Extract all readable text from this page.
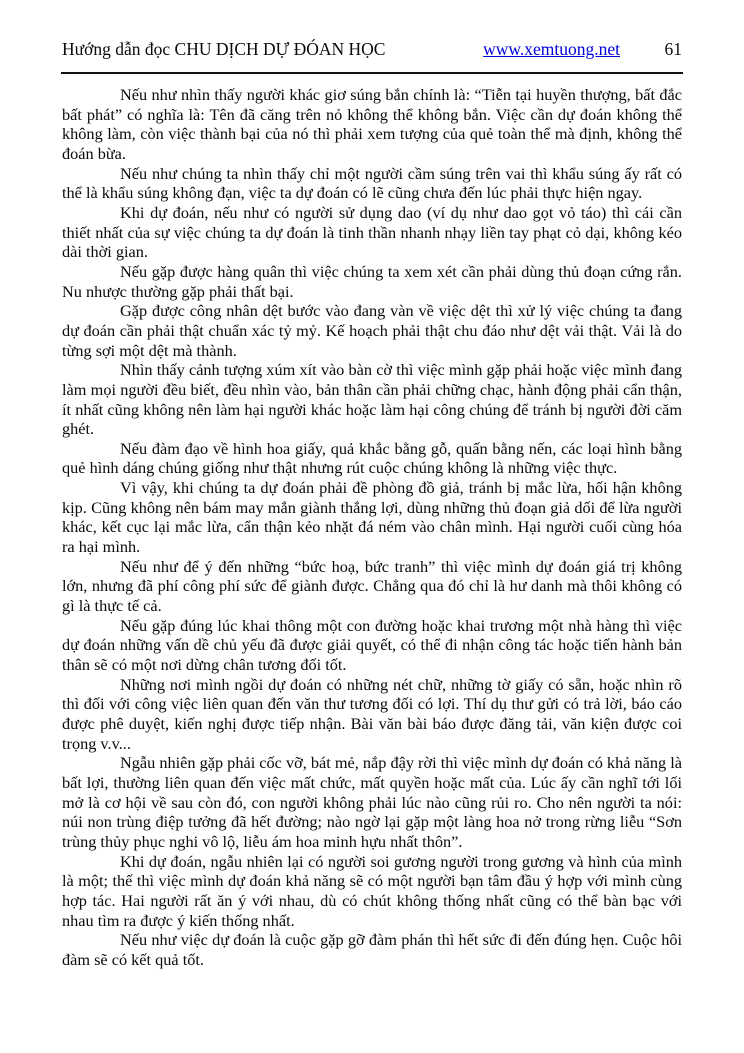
Hướng dẫn đọc CHU DỊCH DỰ ĐÓAN HỌC	www.xemtuong.net	61

Nếu như nhìn thấy người khác giơ súng bắn chính là: “Tiễn tại huyền thượng, bất đắc bất phát” có nghĩa là: Tên đã căng trên nỏ không thể không bắn. Việc cần dự đoán không thể không làm, còn việc thành bại của nó thì phải xem tượng của quẻ toàn thể mà định, không thể đoán bừa.

Nếu như chúng ta nhìn thấy chỉ một người cầm súng trên vai thì khẩu súng ấy rất có thể là khẩu súng không đạn, việc ta dự đoán có lẽ cũng chưa đến lúc phải thực hiện ngay.

Khi dự đoán, nếu như có người sử dụng dao (ví dụ như dao gọt vỏ táo) thì cái cần thiết nhất của sự việc chúng ta dự đoán là tinh thần nhanh nhạy liền tay phạt cỏ dại, không kéo dài thời gian.

Nếu gặp được hàng quân thì việc chúng ta xem xét cần phải dùng thủ đoạn cứng rắn. Nu nhược thường gặp phải thất bại.

Gặp được công nhân dệt bước vào đang vàn về việc dệt thì xử lý việc chúng ta đang dự đoán cần phải thật chuẩn xác tỷ mỷ. Kế hoạch phải thật chu đáo như dệt vải thật. Vải là do từng sợi một dệt mà thành.

Nhìn thấy cảnh tượng xúm xít vào bàn cờ thì việc mình gặp phải hoặc việc mình đang làm mọi người đều biết, đều nhìn vào, bản thân cần phải chững chạc, hành động phải cẩn thận, ít nhất cũng không nên làm hại người khác hoặc làm hại công chúng để tránh bị người đời căm ghét.

Nếu đàm đạo về hình hoa giấy, quả khắc bằng gỗ, quấn bằng nến, các loại hình bằng quẻ hình dáng chúng giống như thật nhưng rút cuộc chúng không là những việc thực.

Vì vậy, khi chúng ta dự đoán phải đề phòng đồ giả, tránh bị mắc lừa, hối hận không kịp. Cũng không nên bám may mắn giành thắng lợi, dùng những thủ đoạn giả dối để lừa người khác, kết cục lại mắc lừa, cẩn thận kẻo nhặt đá ném vào chân mình. Hại người cuối cùng hóa ra hại mình.

Nếu như để ý đến những “bức hoạ, bức tranh” thì việc mình dự đoán giá trị không lớn, nhưng đã phí công phí sức để giành được. Chẳng qua đó chỉ là hư danh mà thôi không có gì là thực tế cả.

Nếu gặp đúng lúc khai thông một con đường hoặc khai trương một nhà hàng thì việc dự đoán những vấn dề chủ yếu đã được giải quyết, có thể đi nhận công tác hoặc tiến hành bản thân sẽ có một nơi dừng chân tương đối tốt.

Những nơi mình ngồi dự đoán có những nét chữ, những tờ giấy có sẵn, hoặc nhìn rõ thì đối với công việc liên quan đến văn thư tương đối có lợi. Thí dụ thư gửi có trả lời, báo cáo được phê duyệt, kiến nghị được tiếp nhận. Bài văn bài báo được đăng tải, văn kiện được coi trọng v.v...

Ngẫu nhiên gặp phải cốc vỡ, bát mẻ, nắp đậy rời thì việc mình dự đoán có khả năng là bất lợi, thường liên quan đến việc mất chức, mất quyền hoặc mất của. Lúc ấy cần nghĩ tới lối mở là cơ hội về sau còn đó, con người không phải lúc nào cũng rủi ro. Cho nên người ta nói: núi non trùng điệp tưởng đã hết đường; nào ngờ lại gặp một làng hoa nở trong rừng liễu “Sơn trùng thủy phục nghi vô lộ, liễu ám hoa minh hựu nhất thôn”.

Khi dự đoán, ngẫu nhiên lại có người soi gương người trong gương và hình của mình là một; thế thì việc mình dự đoán khả năng sẽ có một người bạn tâm đầu ý hợp với mình cùng hợp tác. Hai người rất ăn ý với nhau, dù có chút không thống nhất cũng có thể bàn bạc với nhau tìm ra được ý kiến thống nhất.

Nếu như việc dự đoán là cuộc gặp gỡ đàm phán thì hết sức đi đến đúng hẹn. Cuộc hôi đàm sẽ có kết quả tốt.
